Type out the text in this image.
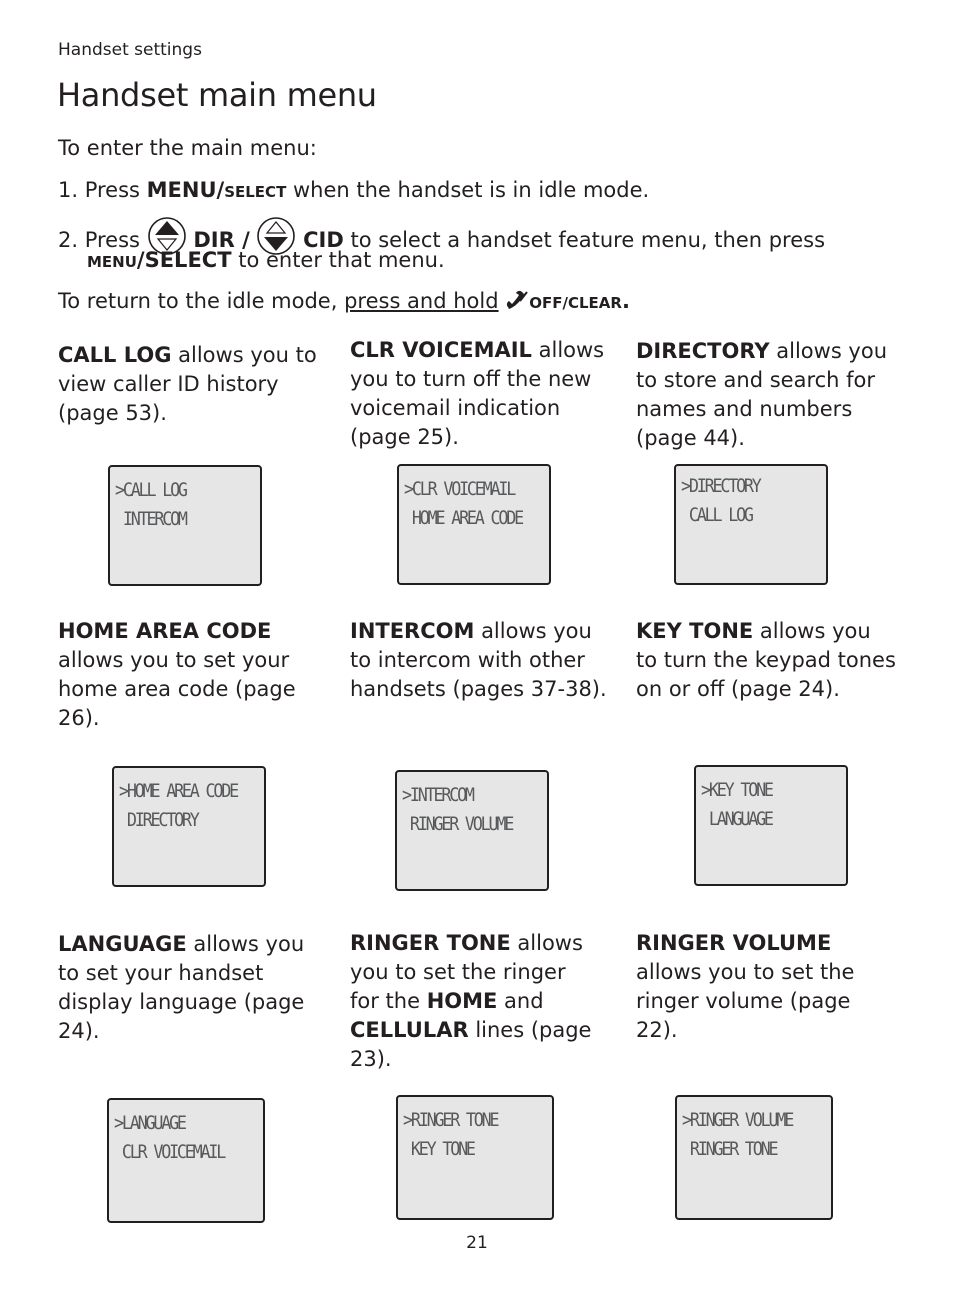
Handset settings
Handset main menu
To enter the main menu:
1. Press MENU/SELECT when the handset is in idle mode.
2. Press  DIR /	CID to select a handset feature menu, then press
MENU/SELECT to enter that menu.
To return to the idle mode, press and hold OFF/CLEAR.
CALL LOG allows you to view caller ID history (page 53).
CLR VOICEMAIL allows you to turn off the new voicemail indication (page 25).
DIRECTORY allows you to store and search for names and numbers (page 44).
>CALL LOG
INTERCOM
>CLR VOICEMAIL
HOME AREA CODE
>DIRECTORY
CALL LOG
HOME AREA CODE allows you to set your home area code (page 26).
INTERCOM allows you to intercom with other handsets (pages 37-38).
KEY TONE allows you to turn the keypad tones on or off (page 24).
>HOME AREA CODE
DIRECTORY
>INTERCOM
RINGER VOLUME
>KEY TONE
LANGUAGE
LANGUAGE allows you to set your handset display language (page 24).
RINGER TONE allows you to set the ringer for the HOME and CELLULAR lines (page 23).
RINGER VOLUME allows you to set the ringer volume (page 22).
>LANGUAGE
CLR VOICEMAIL
>RINGER TONE
KEY TONE
>RINGER VOLUME
RINGER TONE
21
